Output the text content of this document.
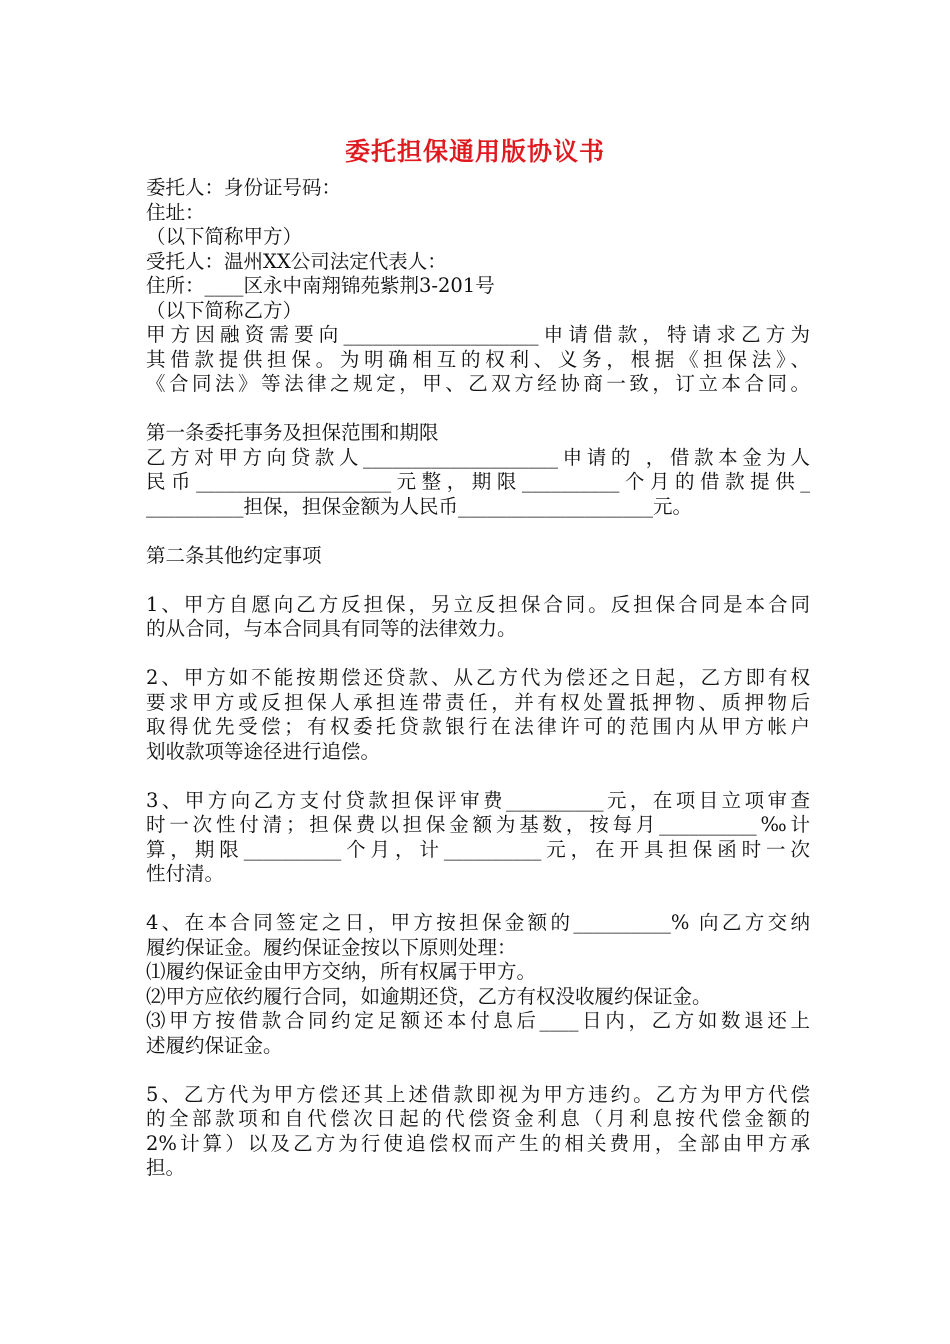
委托担保通用版协议书
委托人：身份证号码：
住址：
（以下简称甲方）
受托人：温州XX公司法定代表人：
住所：____区永中南翔锦苑紫荆3-201号
（以下简称乙方）
甲方因融资需要向____________________申请借款，特请求乙方为
其借款提供担保。为明确相互的权利、义务，根据《担保法》、
《合同法》等法律之规定，甲、乙双方经协商一致，订立本合同。
第一条委托事务及担保范围和期限
乙方对甲方向贷款人____________________申请的 ，借款本金为人
民币____________________元整，期限__________个月的借款提供_
__________担保，担保金额为人民币____________________元。
第二条其他约定事项
1、甲方自愿向乙方反担保，另立反担保合同。反担保合同是本合同
的从合同，与本合同具有同等的法律效力。
2、甲方如不能按期偿还贷款、从乙方代为偿还之日起，乙方即有权
要求甲方或反担保人承担连带责任，并有权处置抵押物、质押物后
取得优先受偿；有权委托贷款银行在法律许可的范围内从甲方帐户
划收款项等途径进行追偿。
3、甲方向乙方支付贷款担保评审费__________元，在项目立项审查
时一次性付清；担保费以担保金额为基数，按每月__________‰计
算，期限__________个月，计__________元，在开具担保函时一次
性付清。
4、在本合同签定之日，甲方按担保金额的__________% 向乙方交纳
履约保证金。履约保证金按以下原则处理：
⑴履约保证金由甲方交纳，所有权属于甲方。
⑵甲方应依约履行合同，如逾期还贷，乙方有权没收履约保证金。
⑶甲方按借款合同约定足额还本付息后____日内，乙方如数退还上
述履约保证金。
5、乙方代为甲方偿还其上述借款即视为甲方违约。乙方为甲方代偿
的全部款项和自代偿次日起的代偿资金利息（月利息按代偿金额的
2%计算）以及乙方为行使追偿权而产生的相关费用，全部由甲方承
担。
